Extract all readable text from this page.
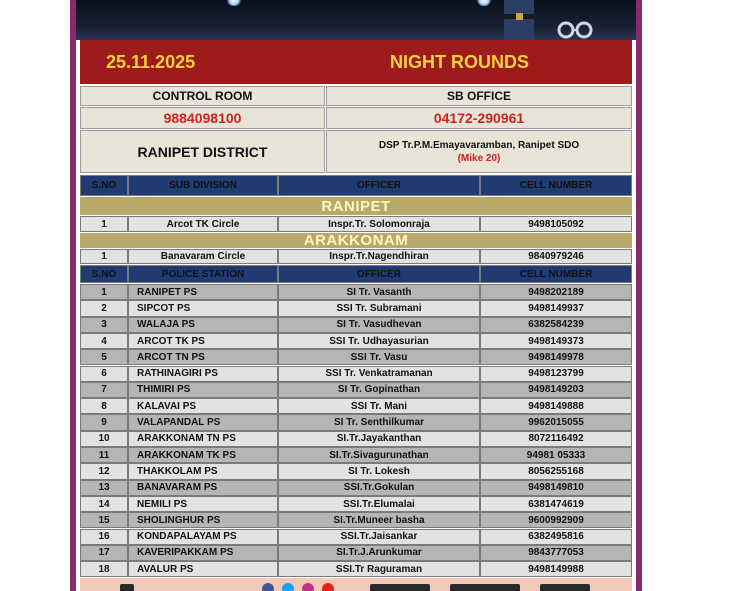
25.11.2025	NIGHT ROUNDS
CONTROL ROOM	SB OFFICE
9884098100	04172-290961
RANIPET DISTRICT	DSP Tr.P.M.Emayavaramban, Ranipet SDO
(Mike 20)
S.NO	SUB DIVISION	OFFICER	CELL NUMBER
RANIPET
1	Arcot TK Circle	Inspr.Tr. Solomonraja	9498105092
ARAKKONAM
1	Banavaram Circle	Inspr.Tr.Nagendhiran	9840979246
S.NO	POLICE STATION	OFFICER	CELL NUMBER
1	RANIPET PS	SI Tr. Vasanth	9498202189
2	SIPCOT PS	SSI Tr. Subramani	9498149937
3	WALAJA PS	SI Tr. Vasudhevan	6382584239
4	ARCOT TK PS	SSI Tr. Udhayasurian	9498149373
5	ARCOT TN PS	SSI Tr. Vasu	9498149978
6	RATHINAGIRI PS	SSI Tr. Venkatramanan	9498123799
7	THIMIRI PS	SI Tr. Gopinathan	9498149203
8	KALAVAI PS	SSI Tr. Mani	9498149888
9	VALAPANDAL PS	SI Tr. Senthilkumar	9962015055
10	ARAKKONAM TN PS	SI.Tr.Jayakanthan	8072116492
11	ARAKKONAM TK PS	SI.Tr.Sivagurunathan	94981 05333
12	THAKKOLAM PS	SI Tr. Lokesh	8056255168
13	BANAVARAM PS	SSI.Tr.Gokulan	9498149810
14	NEMILI PS	SSI.Tr.Elumalai	6381474619
15	SHOLINGHUR PS	SI.Tr.Muneer basha	9600992909
16	KONDAPALAYAM PS	SSI.Tr.Jaisankar	6382495816
17	KAVERIPAKKAM PS	SI.Tr.J.Arunkumar	9843777053
18	AVALUR PS	SSI.Tr Raguraman	9498149988
